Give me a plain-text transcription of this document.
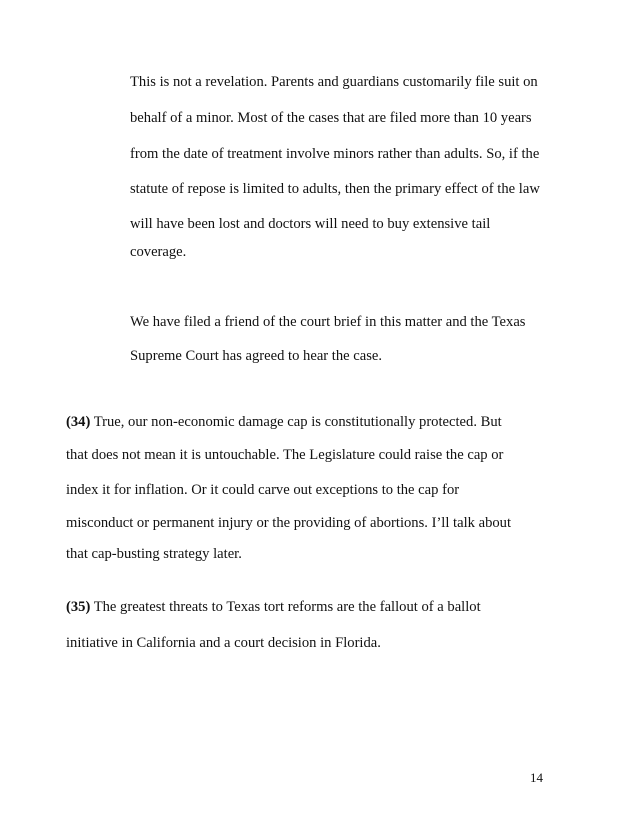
This is not a revelation. Parents and guardians customarily file suit on
behalf of a minor. Most of the cases that are filed more than 10 years
from the date of treatment involve minors rather than adults. So, if the
statute of repose is limited to adults, then the primary effect of the law
will have been lost and doctors will need to buy extensive tail
coverage.
We have filed a friend of the court brief in this matter and the Texas
Supreme Court has agreed to hear the case.
(34) True, our non-economic damage cap is constitutionally protected. But
that does not mean it is untouchable. The Legislature could raise the cap or
index it for inflation. Or it could carve out exceptions to the cap for
misconduct or permanent injury or the providing of abortions. I’ll talk about
that cap-busting strategy later.
(35) The greatest threats to Texas tort reforms are the fallout of a ballot
initiative in California and a court decision in Florida.
14
